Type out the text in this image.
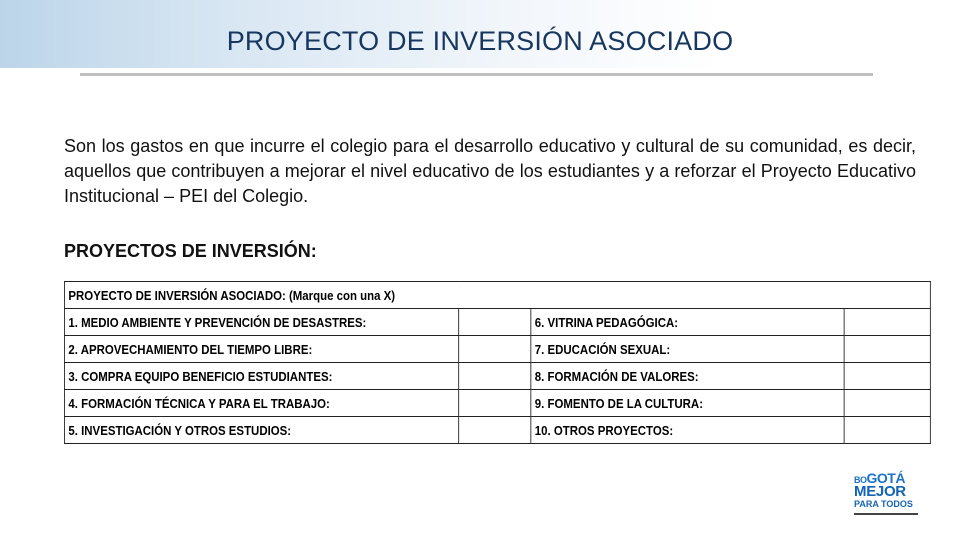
PROYECTO DE INVERSIÓN ASOCIADO
Son los gastos en que incurre el colegio para el desarrollo educativo y cultural de su comunidad, es decir, aquellos que contribuyen a mejorar el nivel educativo de los estudiantes y a reforzar el Proyecto Educativo Institucional – PEI del Colegio.
PROYECTOS DE INVERSIÓN:
PROYECTO DE INVERSIÓN ASOCIADO: (Marque con una X)			
1. MEDIO AMBIENTE Y PREVENCIÓN DE DESASTRES:		6. VITRINA PEDAGÓGICA:	
2. APROVECHAMIENTO DEL TIEMPO LIBRE:		7. EDUCACIÓN SEXUAL:	
3. COMPRA EQUIPO BENEFICIO ESTUDIANTES:		8. FORMACIÓN DE VALORES:	
4. FORMACIÓN TÉCNICA Y PARA EL TRABAJO:		9. FOMENTO DE LA CULTURA:	
5. INVESTIGACIÓN Y OTROS ESTUDIOS:		10. OTROS PROYECTOS:	
BOGOTÁ
MEJOR
PARA TODOS
